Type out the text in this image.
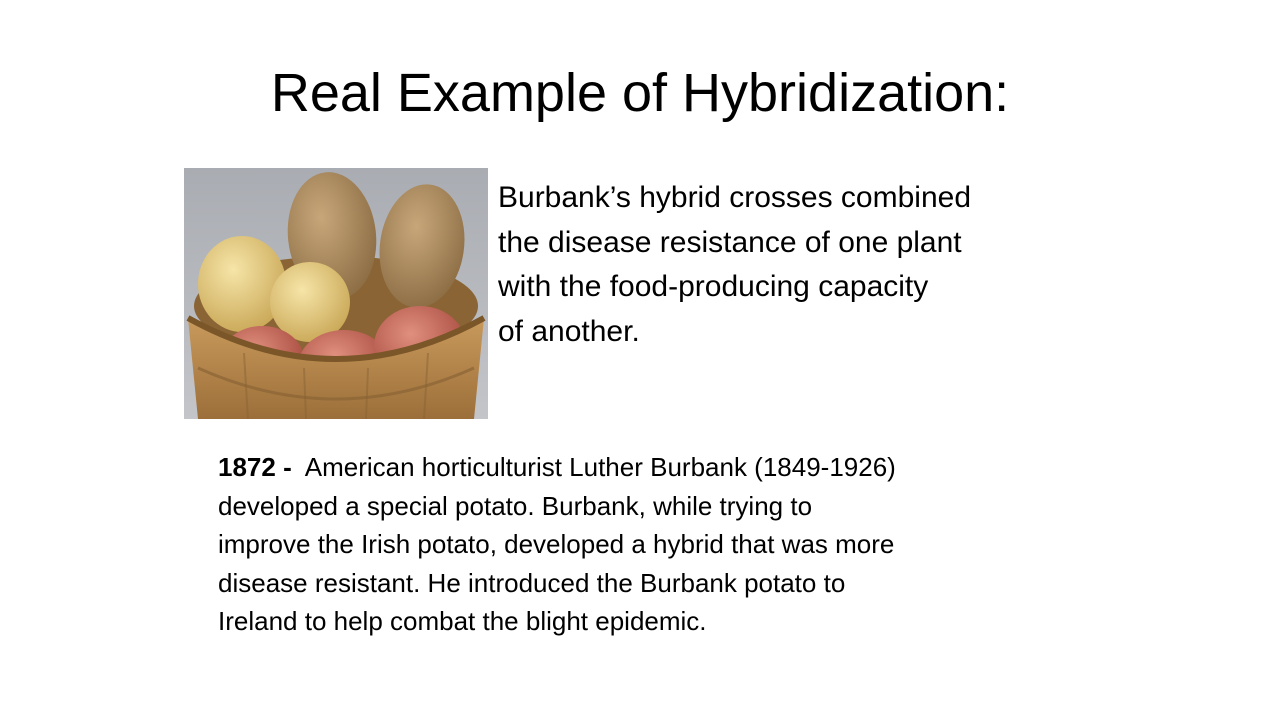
Real Example of Hybridization:

Burbank’s hybrid crosses combined
the disease resistance of one plant
with the food-producing capacity
of another.

1872 - American horticulturist Luther Burbank (1849-1926)
developed a special potato. Burbank, while trying to
improve the Irish potato, developed a hybrid that was more
disease resistant. He introduced the Burbank potato to
Ireland to help combat the blight epidemic.
